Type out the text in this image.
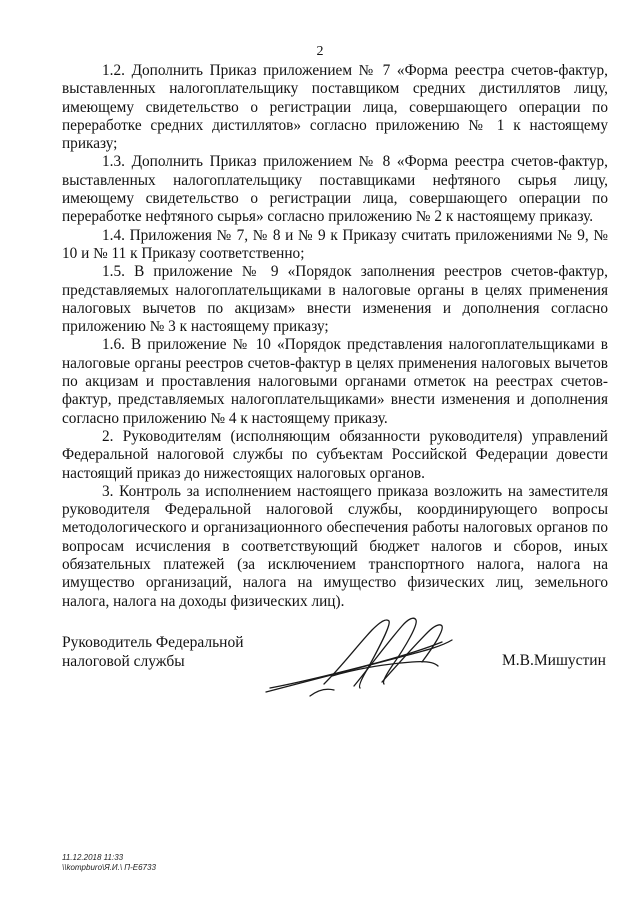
2

1.2. Дополнить Приказ приложением № 7 «Форма реестра счетов-фактур, выставленных налогоплательщику поставщиком средних дистиллятов лицу, имеющему свидетельство о регистрации лица, совершающего операции по переработке средних дистиллятов» согласно приложению № 1 к настоящему приказу;

1.3. Дополнить Приказ приложением № 8 «Форма реестра счетов-фактур, выставленных налогоплательщику поставщиками нефтяного сырья лицу, имеющему свидетельство о регистрации лица, совершающего операции по переработке нефтяного сырья» согласно приложению № 2 к настоящему приказу.

1.4. Приложения № 7, № 8 и № 9 к Приказу считать приложениями № 9, № 10 и № 11 к Приказу соответственно;

1.5. В приложение № 9 «Порядок заполнения реестров счетов-фактур, представляемых налогоплательщиками в налоговые органы в целях применения налоговых вычетов по акцизам» внести изменения и дополнения согласно приложению № 3 к настоящему приказу;

1.6. В приложение № 10 «Порядок представления налогоплательщиками в налоговые органы реестров счетов-фактур в целях применения налоговых вычетов по акцизам и проставления налоговыми органами отметок на реестрах счетов-фактур, представляемых налогоплательщиками» внести изменения и дополнения согласно приложению № 4 к настоящему приказу.

2. Руководителям (исполняющим обязанности руководителя) управлений Федеральной налоговой службы по субъектам Российской Федерации довести настоящий приказ до нижестоящих налоговых органов.

3. Контроль за исполнением настоящего приказа возложить на заместителя руководителя Федеральной налоговой службы, координирующего вопросы методологического и организационного обеспечения работы налоговых органов по вопросам исчисления в соответствующий бюджет налогов и сборов, иных обязательных платежей (за исключением транспортного налога, налога на имущество организаций, налога на имущество физических лиц, земельного налога, налога на доходы физических лиц).

Руководитель Федеральной
налоговой службы	М.В.Мишустин
11.12.2018 11:33
\\kompburo\Я.И.\ П-Е6733
